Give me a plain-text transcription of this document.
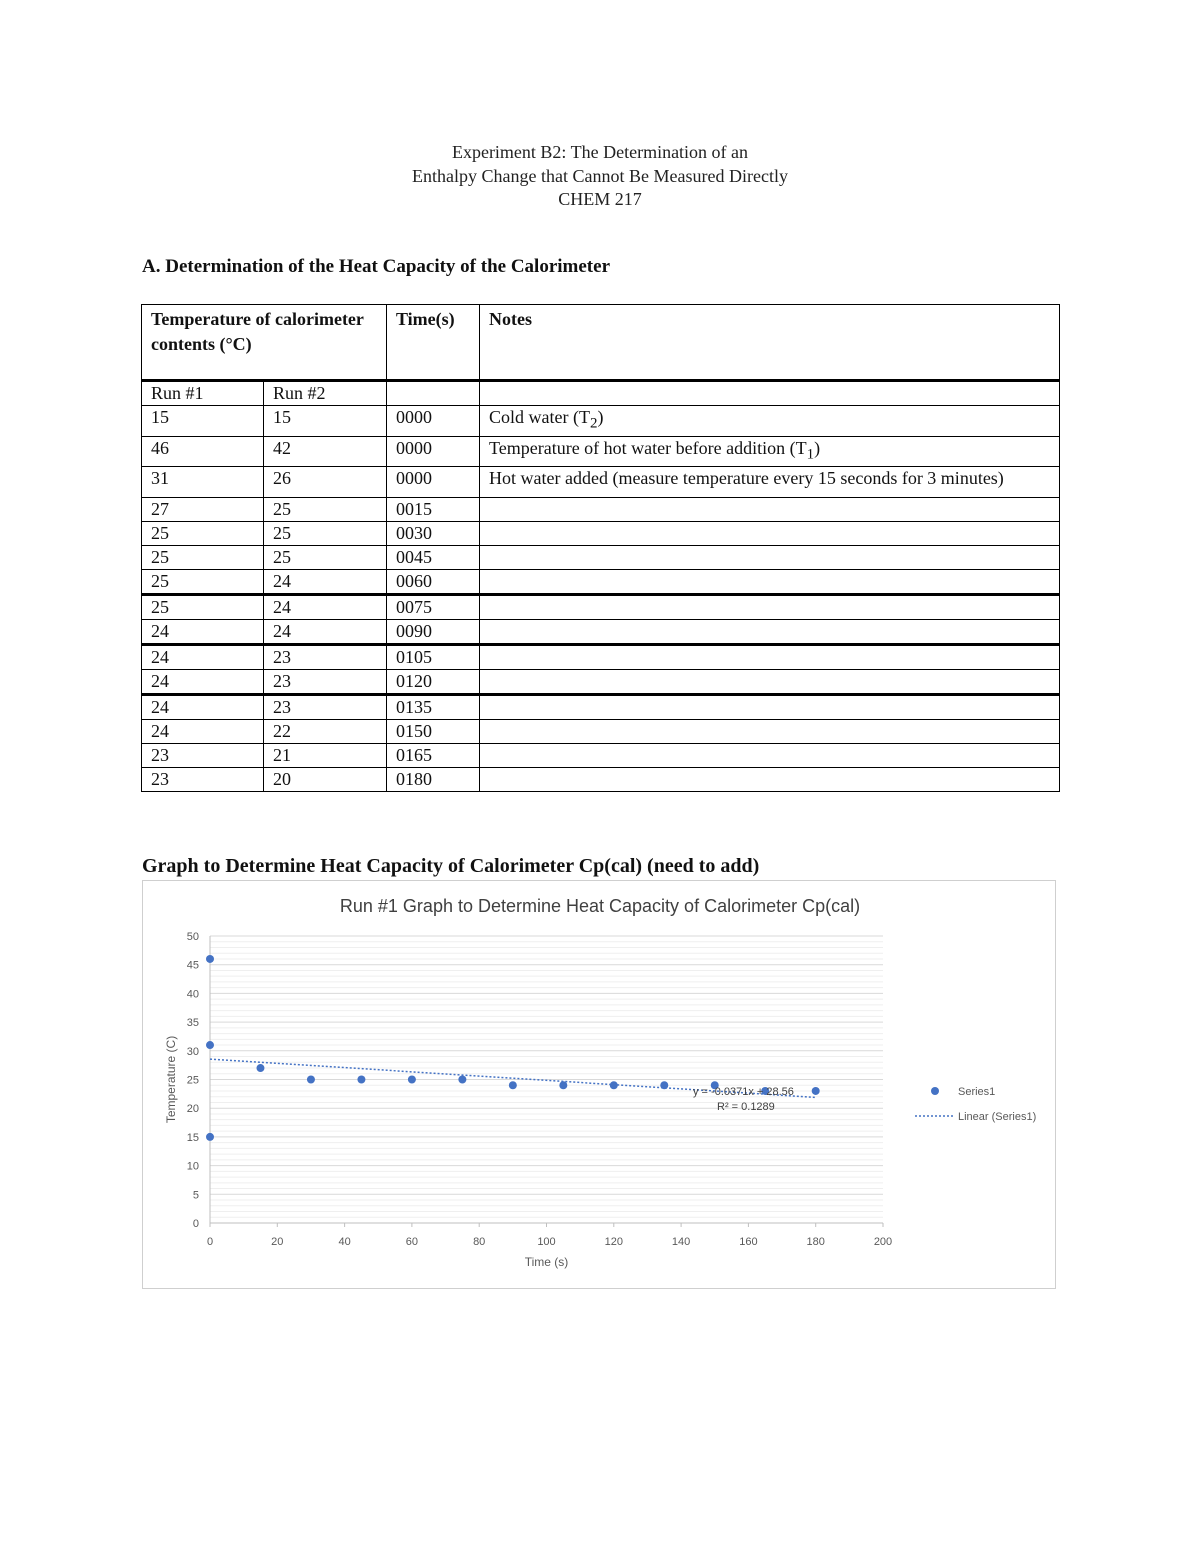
Experiment B2: The Determination of an
Enthalpy Change that Cannot Be Measured Directly
CHEM 217
A. Determination of the Heat Capacity of the Calorimeter
Temperature of calorimeter contents (°C)		Time(s)	Notes
Run #1	Run #2		
15	15	0000	Cold water $(T_2)$
46	42	0000	Temperature of hot water before addition $(T_1)$
31	26	0000	Hot water added (measure temperature every 15 seconds for 3 minutes)
27	25	0015	
25	25	0030	
25	25	0045	
25	24	0060	
25	24	0075	
24	24	0090	
24	23	0105	
24	23	0120	
24	23	0135	
24	22	0150	
23	21	0165	
23	20	0180	
Graph to Determine Heat Capacity of Calorimeter Cp(cal) (need to add)
Run #1 Graph to Determine Heat Capacity of Calorimeter Cp(cal)
0
5
10
15
20
25
30
35
40
45
50
0	20	40	60	80	100	120	140	160	180	200
Time (s)
Temperature (C)	y = -0.0371x + 28.56
R² = 0.1289
Series1
Linear (Series1)
